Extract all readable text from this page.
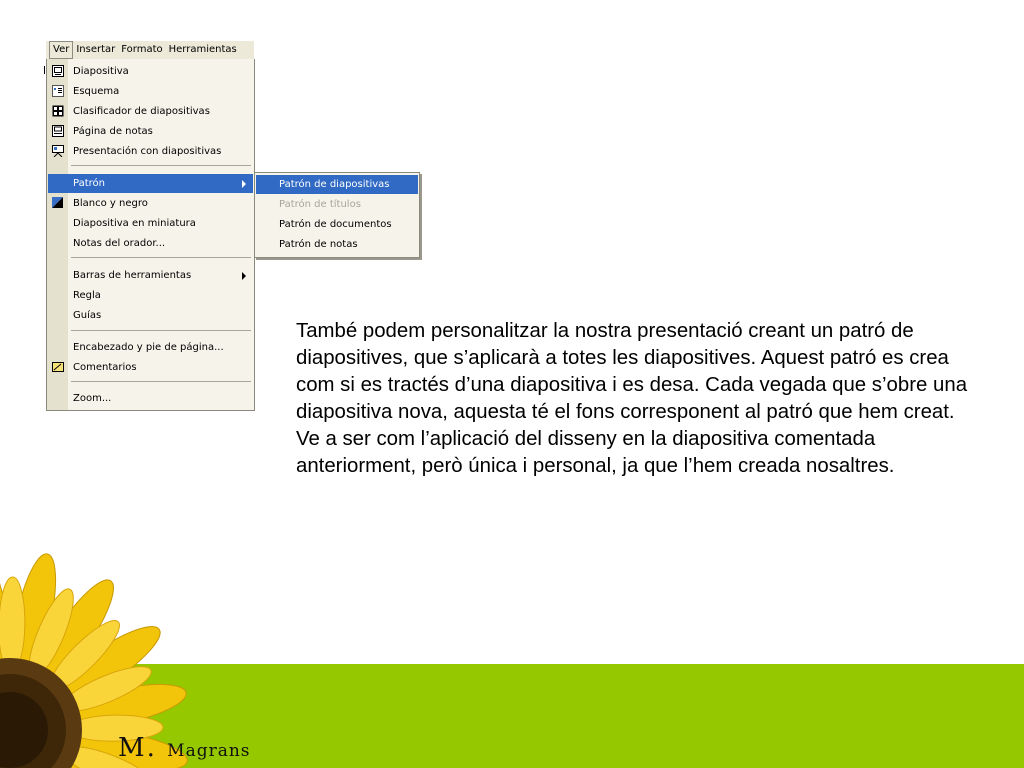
Ver Insertar Formato Herramientas
Diapositiva
Esquema
Clasificador de diapositivas
Página de notas
Presentación con diapositivas
Patrón
Blanco y negro
Diapositiva en miniatura
Notas del orador...
Barras de herramientas
Regla
Guías
Encabezado y pie de página...
Comentarios
Zoom...
Patrón de diapositivas
Patrón de títulos
Patrón de documentos
Patrón de notas
També podem personalitzar la nostra presentació creant un patró de diapositives, que s’aplicarà a totes les diapositives. Aquest patró es crea com si es tractés d’una diapositiva i es desa. Cada vegada que s’obre una diapositiva nova, aquesta té el fons corresponent al patró que hem creat. Ve a ser com l’aplicació del disseny en la diapositiva comentada anteriorment, però única i personal, ja que l’hem creada nosaltres.
M. Magrans
